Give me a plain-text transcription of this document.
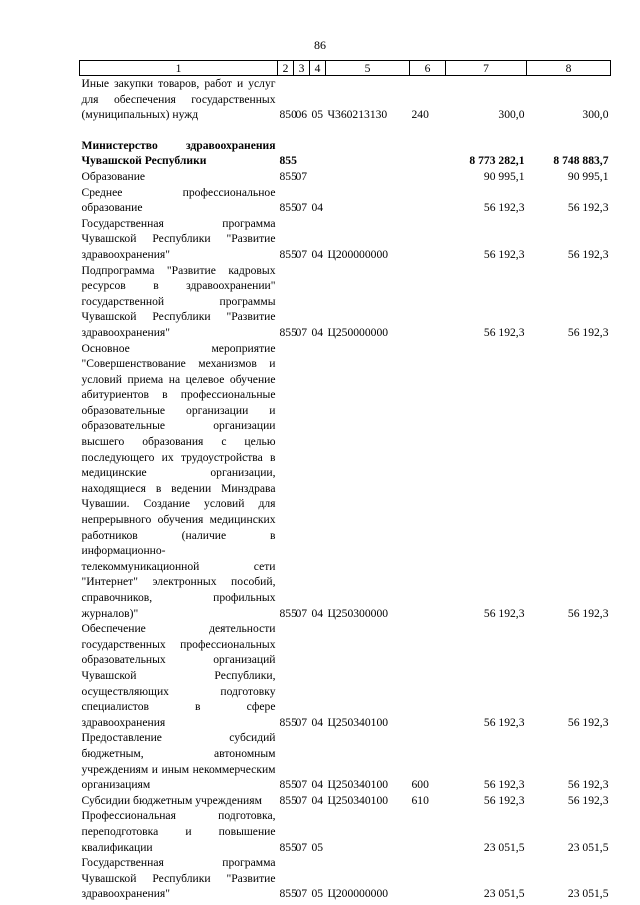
86
1	2	3	4	5	6	7	8
Иные закупки товаров, работ и услуг для обеспечения государственных (муниципальных) нужд	850	06	05	Ч360213130	240	300,0	300,0

Министерство здравоохранения Чувашской Республики	855					8 773 282,1	8 748 883,7
Образование	855	07				90 995,1	90 995,1
Среднее профессиональное образование	855	07	04			56 192,3	56 192,3
Государственная программа Чувашской Республики "Развитие здравоохранения"	855	07	04	Ц200000000		56 192,3	56 192,3
Подпрограмма "Развитие кадровых ресурсов в здравоохранении" государственной программы Чувашской Республики "Развитие здравоохранения"	855	07	04	Ц250000000		56 192,3	56 192,3
Основное мероприятие "Совершенствование механизмов и условий приема на целевое обучение абитуриентов в профессиональные образовательные организации и образовательные организации высшего образования с целью последующего их трудоустройства в медицинские организации, находящиеся в ведении Минздрава Чувашии. Создание условий для непрерывного обучения медицинских работников (наличие в информационно-телекоммуникационной сети "Интернет" электронных пособий, справочников, профильных журналов)"	855	07	04	Ц250300000		56 192,3	56 192,3
Обеспечение деятельности государственных профессиональных образовательных организаций Чувашской Республики, осуществляющих подготовку специалистов в сфере здравоохранения	855	07	04	Ц250340100		56 192,3	56 192,3
Предоставление субсидий бюджетным, автономным учреждениям и иным некоммерческим организациям	855	07	04	Ц250340100	600	56 192,3	56 192,3
Субсидии бюджетным учреждениям	855	07	04	Ц250340100	610	56 192,3	56 192,3
Профессиональная подготовка, переподготовка и повышение квалификации	855	07	05			23 051,5	23 051,5
Государственная программа Чувашской Республики "Развитие здравоохранения"	855	07	05	Ц200000000		23 051,5	23 051,5
